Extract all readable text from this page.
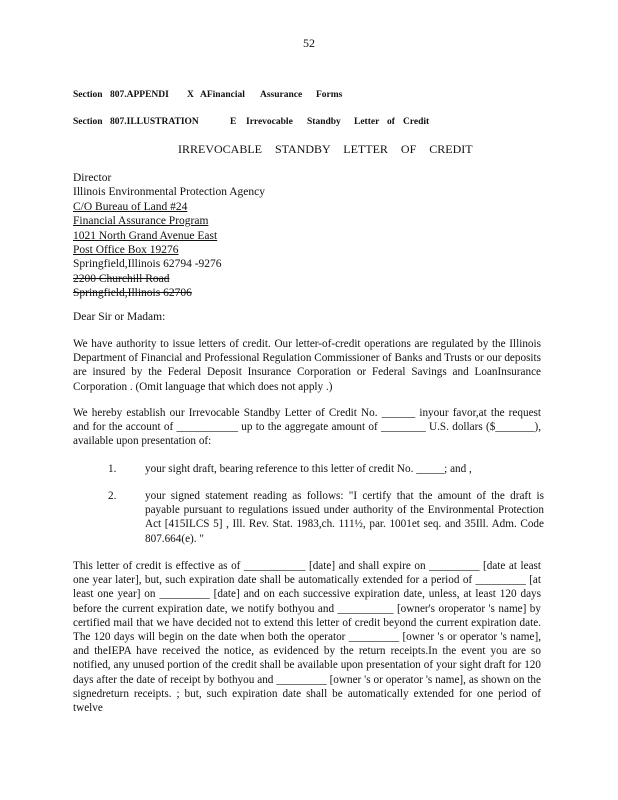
52
Section 807.APPENDI X AFinancial Assurance Forms
Section 807.ILLUSTRATION	E Irrevocable Standby Letter of Credit
IRREVOCABLE STANDBY LETTER OF CREDIT
Director
Illinois Environmental Protection Agency
C/O Bureau of Land #24
Financial Assurance Program
1021 North Grand Avenue East
Post Office Box 19276
Springfield,Illinois 62794 -9276
2200 Churchill Road
Springfield,Illinois 62706
Dear Sir or Madam:
We have authority to issue letters of credit. Our letter-of-credit operations are regulated by the Illinois Department of Financial and Professional Regulation Commissioner of Banks and Trusts or our deposits are insured by the Federal Deposit Insurance Corporation or Federal Savings and LoanInsurance Corporation . (Omit language that which does not apply .)
We hereby establish our Irrevocable Standby Letter of Credit No. ______ inyour favor,at the request and for the account of ___________ up to the aggregate amount of ________ U.S. dollars ($_______), available upon presentation of:
1.	your sight draft, bearing reference to this letter of credit No. _____; and ,
2.	your signed statement reading as follows: "I certify that the amount of the draft is payable pursuant to regulations issued under authority of the Environmental Protection Act [415ILCS 5] , Ill. Rev. Stat. 1983,ch. 111½, par. 1001et seq. and 35Ill. Adm. Code 807.664(e). "
This letter of credit is effective as of ___________ [date] and shall expire on _________ [date at least one year later], but, such expiration date shall be automatically extended for a period of _________ [at least one year] on _________ [date] and on each successive expiration date, unless, at least 120 days before the current expiration date, we notify bothyou and __________ [owner's oroperator 's name] by certified mail that we have decided not to extend this letter of credit beyond the current expiration date. The 120 days will begin on the date when both the operator _________ [owner 's or operator 's name], and theIEPA have received the notice, as evidenced by the return receipts.In the event you are so notified, any unused portion of the credit shall be available upon presentation of your sight draft for 120 days after the date of receipt by bothyou and _________ [owner 's or operator 's name], as shown on the signedreturn receipts. ; but, such expiration date shall be automatically extended for one period of twelve
